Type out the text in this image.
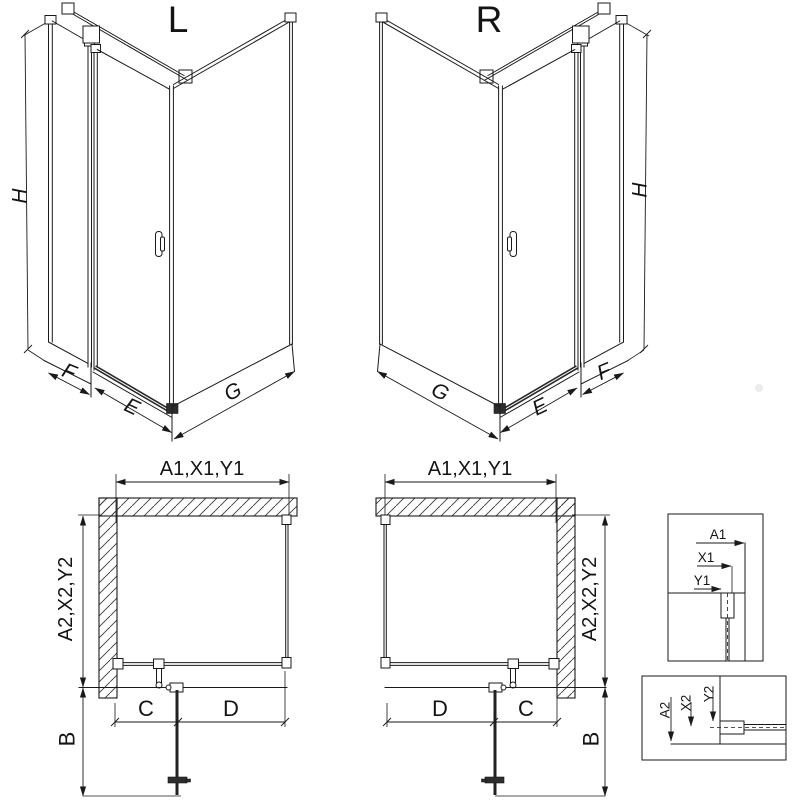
L
H
F
E
G
R
H
F
E
G
A1,X1,Y1
A2,X2,Y2
B
C	D
A1,X1,Y1
A2,X2,Y2
B
D	C
A1
X1
Y1
A2 X2
Y2
